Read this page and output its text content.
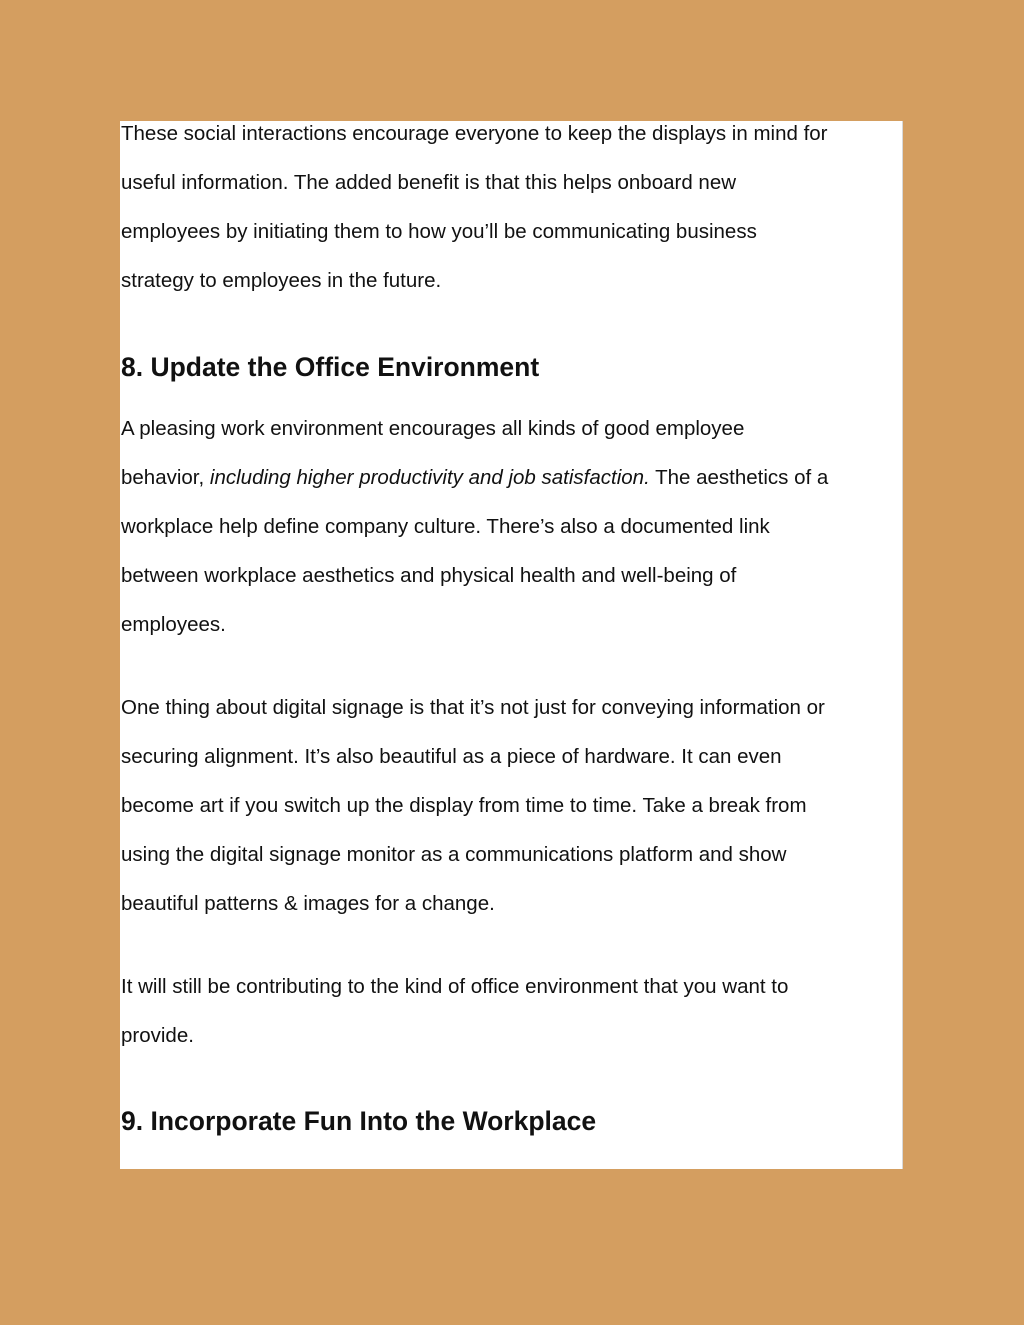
These social interactions encourage everyone to keep the displays in mind for
useful information. The added benefit is that this helps onboard new
employees by initiating them to how you’ll be communicating business
strategy to employees in the future.

8. Update the Office Environment

A pleasing work environment encourages all kinds of good employee
behavior, including higher productivity and job satisfaction. The aesthetics of a
workplace help define company culture. There’s also a documented link
between workplace aesthetics and physical health and well-being of
employees.

One thing about digital signage is that it’s not just for conveying information or
securing alignment. It’s also beautiful as a piece of hardware. It can even
become art if you switch up the display from time to time. Take a break from
using the digital signage monitor as a communications platform and show
beautiful patterns & images for a change.

It will still be contributing to the kind of office environment that you want to
provide.

9. Incorporate Fun Into the Workplace
